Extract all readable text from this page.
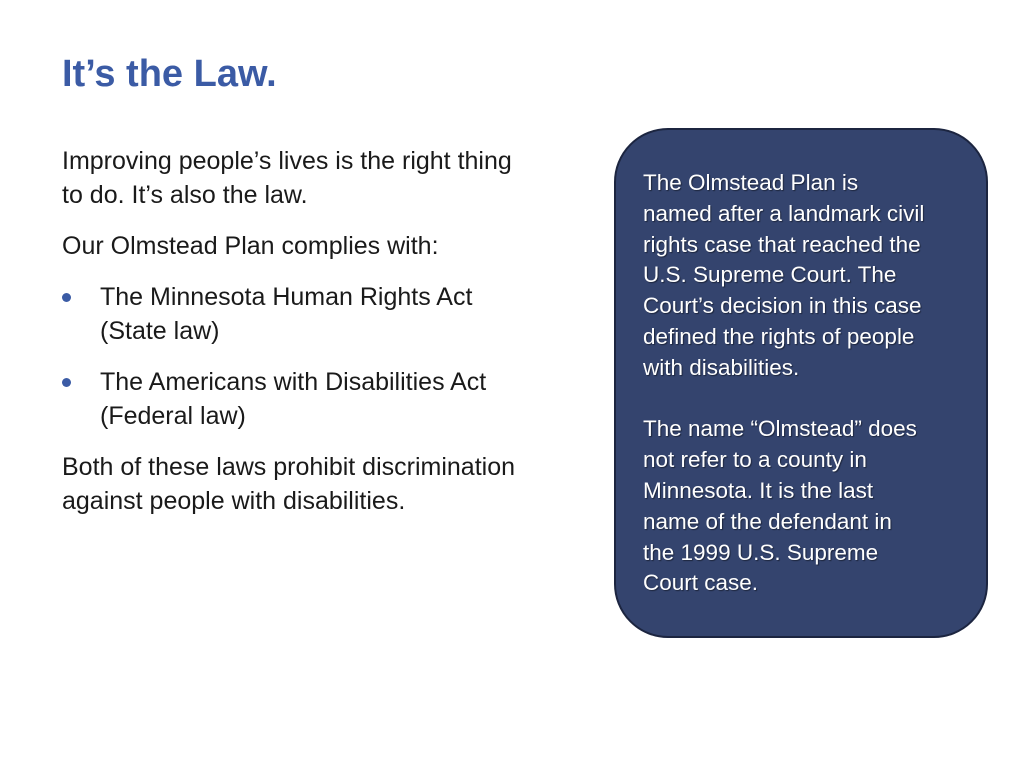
It’s the Law.

Improving people’s lives is the right thing
to do. It’s also the law.

Our Olmstead Plan complies with:

The Minnesota Human Rights Act
(State law)
The Americans with Disabilities Act
(Federal law)

Both of these laws prohibit discrimination
against people with disabilities.

The Olmstead Plan is
named after a landmark civil
rights case that reached the
U.S. Supreme Court. The
Court’s decision in this case
defined the rights of people
with disabilities.

The name “Olmstead” does
not refer to a county in
Minnesota. It is the last
name of the defendant in
the 1999 U.S. Supreme
Court case.
